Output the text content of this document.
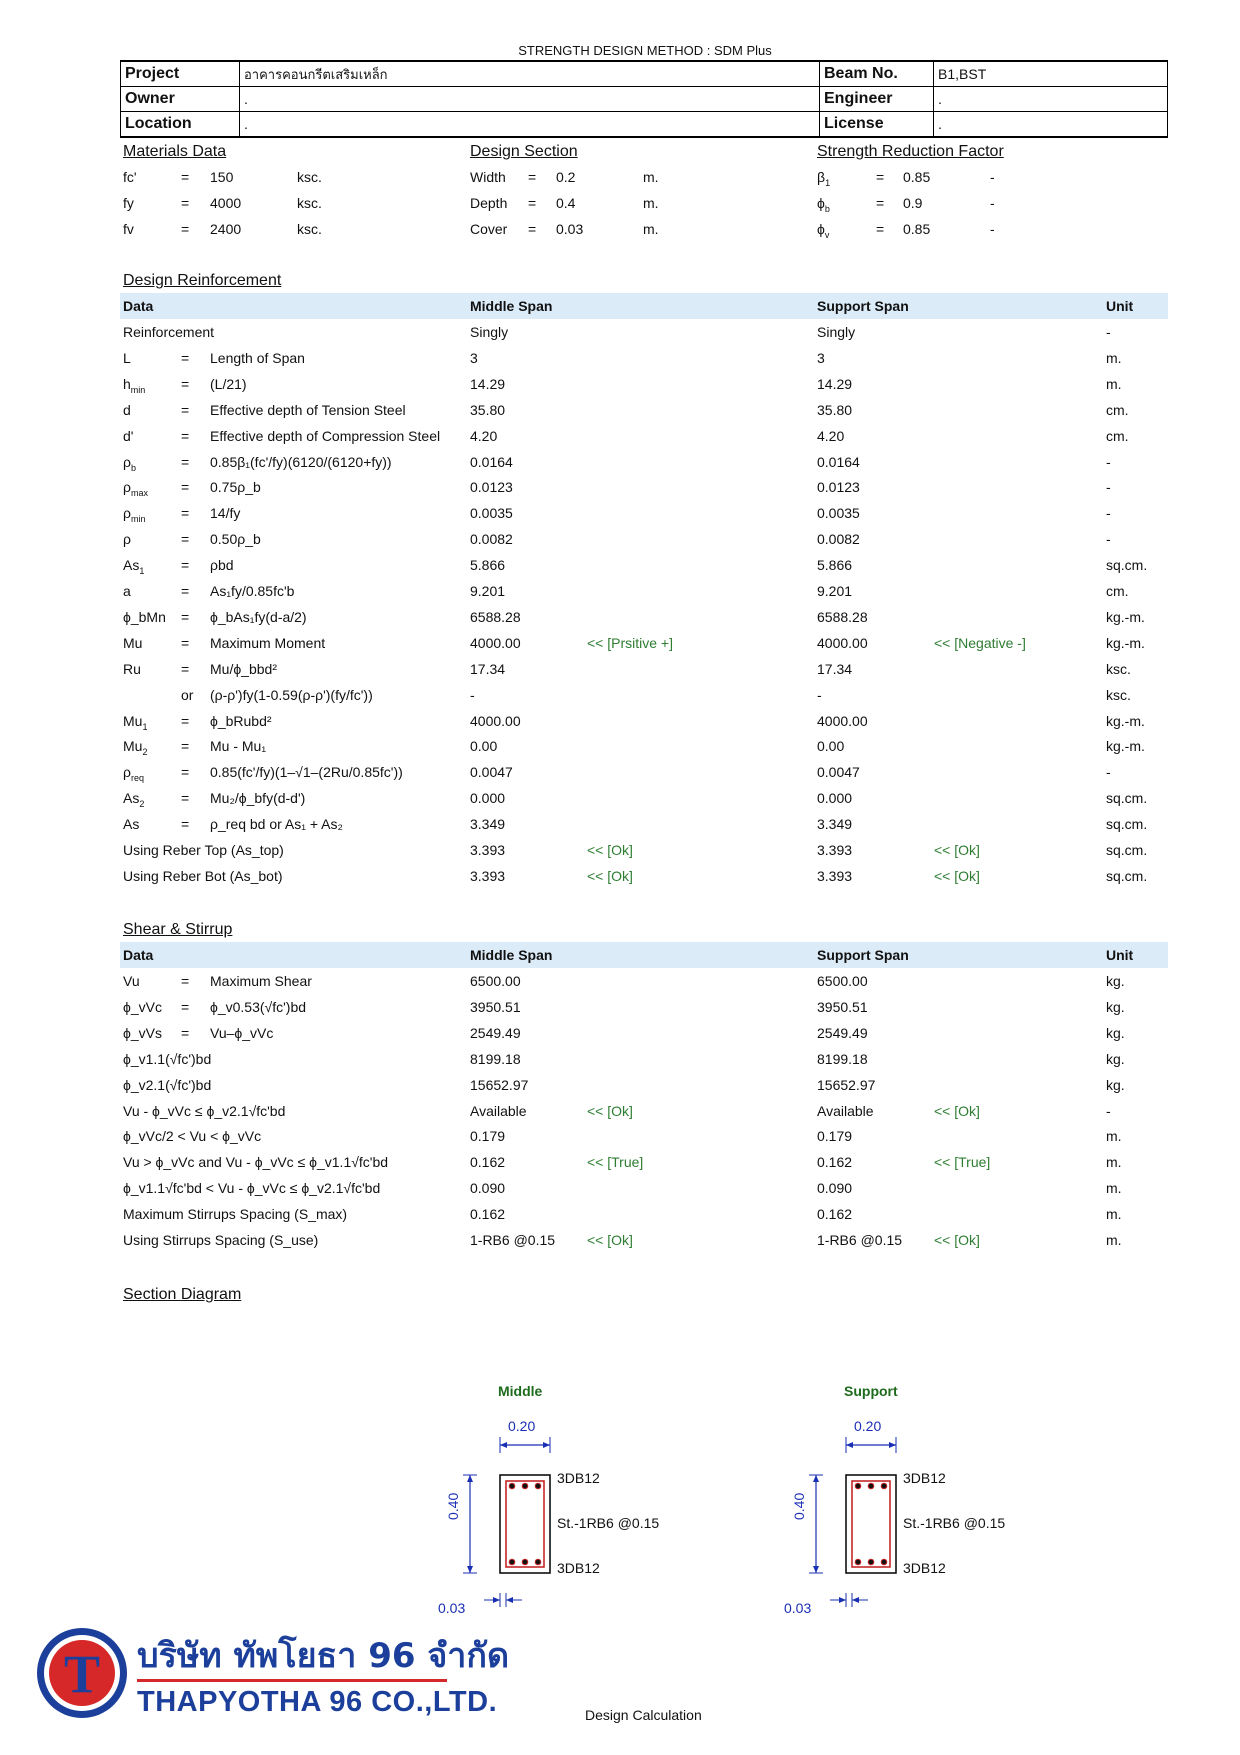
STRENGTH DESIGN METHOD : SDM Plus
Project	อาคารคอนกรีตเสริมเหล็ก	Beam No.	B1,BST
Owner	.	Engineer	.
Location	.	License	.
Materials Data	Design Section	Strength Reduction Factor
fc'	= 150	ksc.
fy	= 4000	ksc.
fv	= 2400	ksc.
Width = 0.2	m.
Depth = 0.4	m.
Cover = 0.03	m.
$\beta_1$	= 0.85	-
$\phi_b$	= 0.9	-
$\phi_v$	= 0.85	-
Design Reinforcement
Data	Middle Span	Support Span	Unit
Reinforcement	Singly	Singly	-
L	= Length of Span	3	3	m.
$h_{min}$	= (L/21)	14.29	14.29	m.
d	= Effective depth of Tension Steel	35.80	35.80	cm.
d'	= Effective depth of Compression Steel 4.20	4.20	cm.
$\rho_b$	= 0.85β₁(fc'/fy)(6120/(6120+fy))	0.0164	0.0164	-
$\rho_{max}$ = 0.75ρ_b	0.0123	0.0123	-
$\rho_{min}$	= 14/fy	0.0035	0.0035	-
ρ	= 0.50ρ_b	0.0082	0.0082	-
$As_1$	= ρbd	5.866	5.866	sq.cm.
a	= As₁fy/0.85fc'b	9.201	9.201	cm.
ϕ_bMn = ϕ_bAs₁fy(d-a/2)	6588.28	6588.28	kg.-m.
Mu	= Maximum Moment	4000.00	<< [Prsitive +]	4000.00	<< [Negative -]	kg.-m.
Ru	= Mu/ϕ_bbd²	17.34	17.34	ksc.
or (ρ-ρ')fy(1-0.59(ρ-ρ')(fy/fc'))	-	-	ksc.
$Mu_1$ = ϕ_bRubd²	4000.00	4000.00	kg.-m.
$Mu_2 = Mu - Mu_1$	0.00	0.00	kg.-m.
$\rho_{req}$	= 0.85(fc'/fy)(1–√1–(2Ru/0.85fc'))	0.0047	0.0047	-
$As_2$	= Mu₂/ϕ_bfy(d-d')	0.000	0.000	sq.cm.
As	= ρ_req bd or As₁ + As₂	3.349	3.349	sq.cm.
Using Reber Top (As_top)	3.393	<< [Ok]	3.393	<< [Ok]	sq.cm.
Using Reber Bot (As_bot)	3.393	<< [Ok]	3.393	<< [Ok]	sq.cm.
Shear & Stirrup
Data	Middle Span	Support Span	Unit
Vu	= Maximum Shear	6500.00	6500.00	kg.
ϕ_vVc = ϕ_v0.53(√fc')bd	3950.51	3950.51	kg.
ϕ_vVs = Vu–ϕ_vVc	2549.49	2549.49	kg.
ϕ_v1.1(√fc')bd	8199.18	8199.18	kg.
ϕ_v2.1(√fc')bd	15652.97	15652.97	kg.
Vu - ϕ_vVc ≤ ϕ_v2.1√fc'bd	Available	<< [Ok]	Available	<< [Ok]	-
ϕ_vVc/2 < Vu < ϕ_vVc	0.179	0.179	m.
Vu > ϕ_vVc and Vu - ϕ_vVc ≤ ϕ_v1.1√fc'bd	0.162	<< [True]	0.162	<< [True]	m.
ϕ_v1.1√fc'bd < Vu - ϕ_vVc ≤ ϕ_v2.1√fc'bd	0.090	0.090	m.
Maximum Stirrups Spacing (S_max)	0.162	0.162	m.
Using Stirrups Spacing (S_use)	1-RB6 @0.15 << [Ok]	1-RB6 @0.15 << [Ok]	m.
Section Diagram
Middle
0.20
0.40
3DB12
St.-1RB6 @0.15
3DB12
0.03
Support
0.20
0.40
3DB12
St.-1RB6 @0.15
3DB12
0.03
T บริษัท ทัพโยธา 96 จำกัด
THAPYOTHA 96 CO.,LTD.	Design Calculation
